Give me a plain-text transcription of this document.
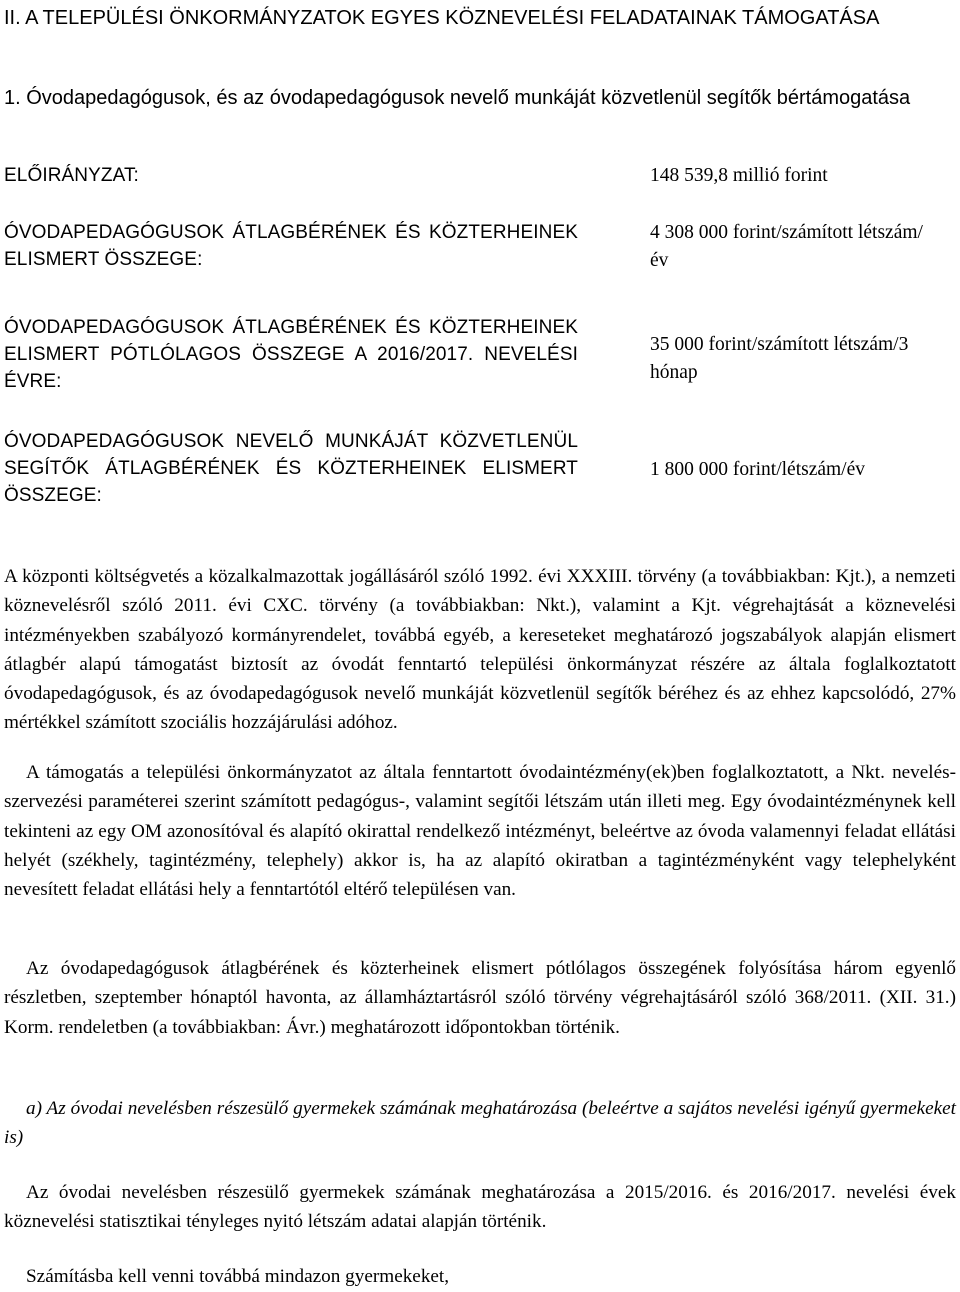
II. A TELEPÜLÉSI ÖNKORMÁNYZATOK EGYES KÖZNEVELÉSI FELADATAINAK TÁMOGATÁSA
1. Óvodapedagógusok, és az óvodapedagógusok nevelő munkáját közvetlenül segítők bértámogatása
ELŐIRÁNYZAT:	148 539,8 millió forint
ÓVODAPEDAGÓGUSOK ÁTLAGBÉRÉNEK ÉS KÖZTERHEINEK ELISMERT ÖSSZEGE:
4 308 000 forint/számított létszám/év
ÓVODAPEDAGÓGUSOK ÁTLAGBÉRÉNEK ÉS KÖZTERHEINEK ELISMERT PÓTLÓLAGOS ÖSSZEGE A 2016/2017. NEVELÉSI ÉVRE:
35 000 forint/számított létszám/3 hónap
ÓVODAPEDAGÓGUSOK NEVELŐ MUNKÁJÁT KÖZVETLENÜL SEGÍTŐK ÁTLAGBÉRÉNEK ÉS KÖZTERHEINEK ELISMERT ÖSSZEGE:
1 800 000 forint/létszám/év
A központi költségvetés a közalkalmazottak jogállásáról szóló 1992. évi XXXIII. törvény (a továbbiakban: Kjt.), a nemzeti köznevelésről szóló 2011. évi CXC. törvény (a továbbiakban: Nkt.), valamint a Kjt. végrehajtását a köznevelési intézményekben szabályozó kormányrendelet, továbbá egyéb, a kereseteket meghatározó jogszabályok alapján elismert átlagbér alapú támogatást biztosít az óvodát fenntartó települési önkormányzat részére az általa foglalkoztatott óvodapedagógusok, és az óvodapedagógusok nevelő munkáját közvetlenül segítők béréhez és az ehhez kapcsolódó, 27% mértékkel számított szociális hozzájárulási adóhoz.
A támogatás a települési önkormányzatot az általa fenntartott óvodaintézmény(ek)ben foglalkoztatott, a Nkt. nevelés-szervezési paraméterei szerint számított pedagógus-, valamint segítői létszám után illeti meg. Egy óvodaintézménynek kell tekinteni az egy OM azonosítóval és alapító okirattal rendelkező intézményt, beleértve az óvoda valamennyi feladat ellátási helyét (székhely, tagintézmény, telephely) akkor is, ha az alapító okiratban a tagintézményként vagy telephelyként nevesített feladat ellátási hely a fenntartótól eltérő településen van.
Az óvodapedagógusok átlagbérének és közterheinek elismert pótlólagos összegének folyósítása három egyenlő részletben, szeptember hónaptól havonta, az államháztartásról szóló törvény végrehajtásáról szóló 368/2011. (XII. 31.) Korm. rendeletben (a továbbiakban: Ávr.) meghatározott időpontokban történik.
a) Az óvodai nevelésben részesülő gyermekek számának meghatározása (beleértve a sajátos nevelési igényű gyermekeket is)
Az óvodai nevelésben részesülő gyermekek számának meghatározása a 2015/2016. és 2016/2017. nevelési évek köznevelési statisztikai tényleges nyitó létszám adatai alapján történik.
Számításba kell venni továbbá mindazon gyermekeket,
